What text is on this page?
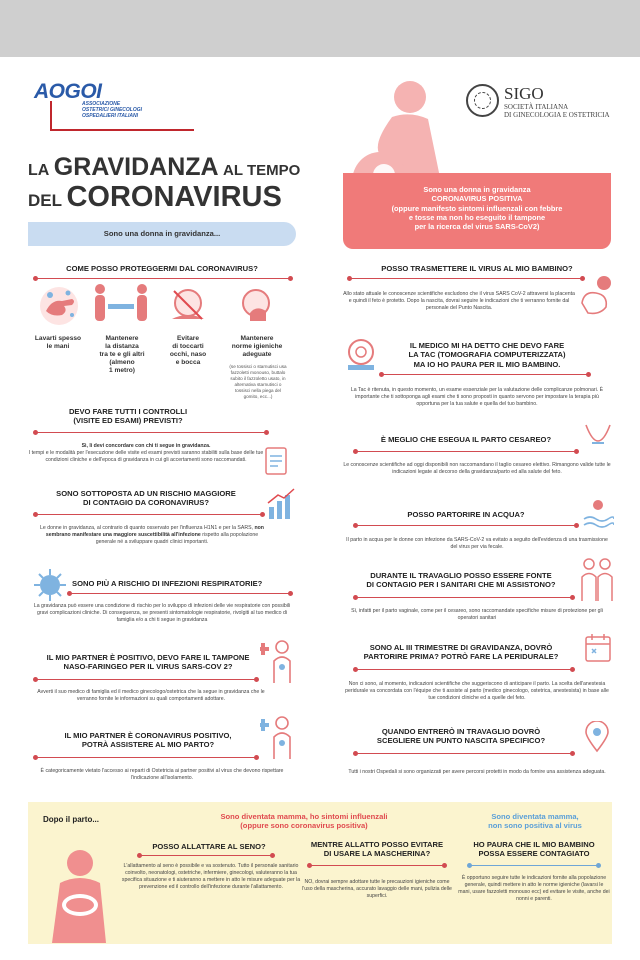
AOGOI
ASSOCIAZIONE
OSTETRICI GINECOLOGI
OSPEDALIERI ITALIANI
SIGO
SOCIETÀ ITALIANA
DI GINECOLOGIA E OSTETRICIA
LA GRAVIDANZA AL TEMPO
DEL CORONAVIRUS
Sono una donna in gravidanza...
Sono una donna in gravidanza
CORONAVIRUS POSITIVA
(oppure manifesto sintomi influenzali con febbre
e tosse ma non ho eseguito il tampone
per la ricerca del virus SARS-CoV2)
COME POSSO PROTEGGERMI DAL CORONAVIRUS?
Lavarti spesso
le mani
Mantenere
la distanza
tra te e gli altri
(almeno
1 metro)
Evitare
di toccarti
occhi, naso
e bocca
Mantenere
norme igieniche
adeguate
(se tossisci o starnutisci usa fazzoletti monouso, buttalo subito il fazzoletto usato, in alternativa starnutisci o tossisci nella piega del gomito, ecc...)
DEVO FARE TUTTI I CONTROLLI
(VISITE ED ESAMI) PREVISTI?
Sì, li devi concordare con chi ti segue in gravidanza.
I tempi e le modalità per l'esecuzione delle visite ed esami previsti saranno stabiliti sulla base delle tue condizioni cliniche e dell'epoca di gravidanza in cui gli accertamenti sono raccomandati.
SONO SOTTOPOSTA AD UN RISCHIO MAGGIORE
DI CONTAGIO DA CORONAVIRUS?
Le donne in gravidanza, al contrario di quanto osservato per l'influenza H1N1 e per la SARS, non sembrano manifestare una maggiore suscettibilità all'infezione rispetto alla popolazione generale né a sviluppare quadri clinici importanti.
SONO PIÙ A RISCHIO DI INFEZIONI RESPIRATORIE?
La gravidanza può essere una condizione di rischio per lo sviluppo di infezioni delle vie respiratorie con possibili gravi complicazioni cliniche. Di conseguenza, se presenti sintomatologie respiratorie, rivolgiti al tuo medico di famiglia e/o a chi ti segue in gravidanza
IL MIO PARTNER È POSITIVO, DEVO FARE IL TAMPONE
NASO-FARINGEO PER IL VIRUS SARS-COV 2?
Avverti il suo medico di famiglia ed il medico ginecologo/ostetrica che la segue in gravidanza che le verranno fornite le informazioni su quali comportamenti adottare.
IL MIO PARTNER È CORONAVIRUS POSITIVO,
POTRÀ ASSISTERE AL MIO PARTO?
È categoricamente vietato l'accesso ai reparti di Ostetricia ai partner positivi al virus che devono rispettare l'indicazione all'isolamento.
POSSO TRASMETTERE IL VIRUS AL MIO BAMBINO?
Allo stato attuale le conoscenze scientifiche escludono che il virus SARS CoV-2 attraversi la placenta e quindi il feto è protetto. Dopo la nascita, dovrai seguire le indicazioni che ti verranno fornite dal personale del Punto Nascita.
IL MEDICO MI HA DETTO CHE DEVO FARE
LA TAC (TOMOGRAFIA COMPUTERIZZATA)
MA IO HO PAURA PER IL MIO BAMBINO.
La Tac è ritenuta, in questo momento, un esame essenziale per la valutazione delle complicanze polmonari. È importante che ti sottoponga agli esami che ti sono proposti in quanto servono per impostare la terapia più opportuna per la tua salute e quella del tuo bambino.
È MEGLIO CHE ESEGUA IL PARTO CESAREO?
Le conoscenze scientifiche ad oggi disponibili non raccomandano il taglio cesareo elettivo. Rimangono valide tutte le indicazioni legate al decorso della gravidanza/parto ed alla salute del feto.
POSSO PARTORIRE IN ACQUA?
Il parto in acqua per le donne con infezione da SARS-CoV-2 va evitato a seguito dell'evidenza di una trasmissione del virus per via fecale.
DURANTE IL TRAVAGLIO POSSO ESSERE FONTE
DI CONTAGIO PER I SANITARI CHE MI ASSISTONO?
Sì, infatti per il parto vaginale, come per il cesareo, sono raccomandate specifiche misure di protezione per gli operatori sanitari
SONO AL III TRIMESTRE DI GRAVIDANZA, DOVRÒ
PARTORIRE PRIMA? POTRÒ FARE LA PERIDURALE?
Non ci sono, al momento, indicazioni scientifiche che suggeriscono di anticipare il parto. La scelta dell'anestesia peridurale va concordata con l'équipe che ti assiste al parto (medico ginecologo, ostetrica, anestesista) in base alle tue condizioni cliniche ed a quelle del feto.
QUANDO ENTRERÒ IN TRAVAGLIO DOVRÒ
SCEGLIERE UN PUNTO NASCITA SPECIFICO?
Tutti i nostri Ospedali si sono organizzati per avere percorsi protetti in modo da fornire una assistenza adeguata.
Dopo il parto...	Sono diventata mamma, ho sintomi influenzali
(oppure sono coronavirus positiva)
Sono diventata mamma,
non sono positiva al virus
POSSO ALLATTARE AL SENO?
L'allattamento al seno è possibile e va sostenuto. Tutto il personale sanitario coinvolto, neonatologi, ostetriche, infermiere, ginecologi, valuteranno la tua specifica situazione e ti aiuteranno a mettere in atto le misure adeguate per la prevenzione ed il controllo dell'infezione durante l'allattamento.
MENTRE ALLATTO POSSO EVITARE
DI USARE LA MASCHERINA?
NO, dovrai sempre adottare tutte le precauzioni igieniche come l'uso della mascherina, accurato lavaggio delle mani, pulizia delle superfici.
HO PAURA CHE IL MIO BAMBINO
POSSA ESSERE CONTAGIATO
È opportuno seguire tutte le indicazioni fornite alla popolazione generale, quindi mettere in atto le norme igieniche (lavarsi le mani, usare fazzoletti monouso ecc) ed evitare le visite, anche dei nonni e parenti.
